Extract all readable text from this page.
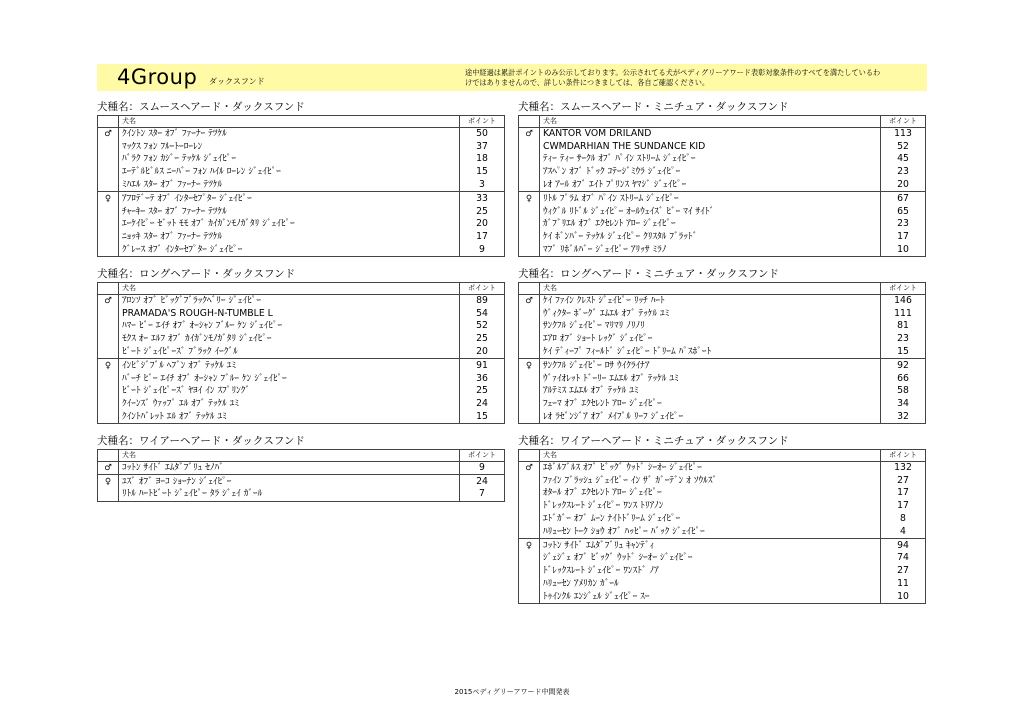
4Group ダックスフンド
途中経過は累計ポイントのみ公示しております。公示されてる犬がペディグリーアワード表彰対象条件のすべてを満たしているわ
けではありませんので、詳しい条件につきましては、各自ご確認ください。
犬種名：スムースヘアード・ダックスフンド
	犬名	ポイント
♂	ｸｲﾝﾄﾝ ｽﾀｰ ｵﾌﾞ ﾌｧｰﾅｰ ﾃﾂｹﾙ	50
	ﾏｯｸｽ ﾌｫﾝ ﾌﾙｰﾄｰﾛｰﾚﾝ	37
	ﾊﾞﾗｸ ﾌｫﾝ ｶｼﾞｰ ﾃｯｹﾙ ｼﾞｪｲﾋﾟｰ	18
	ｴｰﾃﾞﾙﾋﾞﾙｽ ﾆｰﾊﾞｰ ﾌｫﾝ ﾊｲﾙ ﾛｰﾚﾝ ｼﾞｪｲﾋﾟｰ	15
	ﾐﾊｴﾙ ｽﾀｰ ｵﾌﾞ ﾌｧｰﾅｰ ﾃﾂｹﾙ	3
♀	ｱﾌﾛﾃﾞｰﾃ ｵﾌﾞ ｲﾝﾀｰｾﾌﾟﾀｰ ｼﾞｪｲﾋﾟｰ	33
	ﾁｬｰｷｰ ｽﾀｰ ｵﾌﾞ ﾌｧｰﾅｰ ﾃﾂｹﾙ	25
	ｴｰｹｲﾋﾟｰ ｾﾞｯﾄ ﾓﾓ ｵﾌﾞ ｶｲｶﾞﾝﾓﾉｶﾞﾀﾘ ｼﾞｪｲﾋﾟｰ	20
	ﾆｮｯｷ ｽﾀｰ ｵﾌﾞ ﾌｧｰﾅｰ ﾃﾂｹﾙ	17
	ｸﾞﾚｰｽ ｵﾌﾞ ｲﾝﾀｰｾﾌﾟﾀｰ ｼﾞｪｲﾋﾟｰ	9
犬種名：スムースヘアード・ミニチュア・ダックスフンド
	犬名	ポイント
♂	KANTOR VOM DRILAND	113
	CWMDARHIAN THE SUNDANCE KID	52
	ﾃｨｰ ﾃｨｰ ｻｰｸﾙ ｵﾌﾞ ﾊﾟｲﾝ ｽﾄﾘｰﾑ ｼﾞｪｲﾋﾟｰ	45
	ｱｽﾍﾟﾝ ｵﾌﾞ ﾄﾞｯｸ ｺﾃｰｼﾞﾐｳﾗ ｼﾞｪｲﾋﾟｰ	23
	ﾚｵ ｱｰﾙ ｵﾌﾞ ｴｲﾄ ﾌﾟﾘﾝｽ ﾔﾏｼﾞ ｼﾞｪｲﾋﾟｰ	20
♀	ﾘﾄﾙ ﾌﾟﾗﾑ ｵﾌﾞ ﾊﾟｲﾝ ｽﾄﾘｰﾑ ｼﾞｪｲﾋﾟｰ	67
	ｳｨｸﾞﾙ ﾘﾄﾞﾙ ｼﾞｪｲﾋﾟｰ ｵｰﾙｳｪｲｽﾞ ﾋﾞｰ ﾏｲ ｻｲﾄﾞ	65
	ｶﾞﾌﾞﾘｴﾙ ｵﾌﾞ ｴｸｾﾚﾝﾄ ｱﾛｰ ｼﾞｪｲﾋﾟｰ	23
	ｹｲ ﾎﾞﾝﾊﾞｰ ﾃｯｹﾙ ｼﾞｪｲﾋﾟｰ ｸﾘｽﾀﾙ ﾌﾞﾗｯﾄﾞ	17
	ﾏﾌﾞ ﾘﾎﾞﾙﾊﾞｰ ｼﾞｪｲﾋﾟｰ ｱﾘｯｻ ﾐﾗﾉ	10
犬種名：ロングヘアード・ダックスフンド
	犬名	ポイント
♂	ｱﾛﾝｿ ｵﾌﾞ ﾋﾞｯｸﾞﾌﾞﾗｯｸﾍﾞﾘｰ ｼﾞｪｲﾋﾟｰ	89
	PRAMADA'S ROUGH-N-TUMBLE L	54
	ﾊﾏｰ ﾋﾞｰ ｴｲﾁ ｵﾌﾞ ｵｰｼｬﾝ ﾌﾞﾙｰ ｹﾝ ｼﾞｪｲﾋﾟｰ	52
	ﾓｸｽ ｵｰ ｴﾙﾌ ｵﾌﾞ ｶｲｶﾞﾝﾓﾉｶﾞﾀﾘ ｼﾞｪｲﾋﾟｰ	25
	ﾋﾞｰﾄ ｼﾞｪｲﾋﾟｰｽﾞ ﾌﾞﾗｯｸ ｲｰｸﾞﾙ	20
♀	ｲﾝﾋﾞｼﾞﾌﾞﾙ ﾍﾌﾞﾝ ｵﾌﾞ ﾃｯｹﾙ ﾕﾐ	91
	ﾊﾞｰﾁ ﾋﾞｰ ｴｲﾁ ｵﾌﾞ ｵｰｼｬﾝ ﾌﾞﾙｰ ｹﾝ ｼﾞｪｲﾋﾟｰ	36
	ﾋﾞｰﾄ ｼﾞｪｲﾋﾟｰｽﾞ ﾔﾖｲ ｲﾝ ｽﾌﾟﾘﾝｸﾞ	25
	ｸｲｰﾝｽﾞ ｳｧｯﾌﾟ ｴﾙ ｵﾌﾞ ﾃｯｹﾙ ﾕﾐ	24
	ｸｲﾝﾄﾊﾞﾚｯﾄ ｴﾙ ｵﾌﾞ ﾃｯｹﾙ ﾕﾐ	15
犬種名：ロングヘアード・ミニチュア・ダックスフンド
	犬名	ポイント
♂	ｹｲ ﾌｧｲﾝ ｸﾚｽﾄ ｼﾞｪｲﾋﾟｰ ﾘｯﾁ ﾊｰﾄ	146
	ｳﾞｨｸﾀｰ ﾎﾞｰｸﾞ ｴﾑｴﾙ ｵﾌﾞ ﾃｯｹﾙ ﾕﾐ	111
	ｻﾝｸﾌﾙ ｼﾞｪｲﾋﾟｰ ﾏﾘﾏﾘ ﾉﾘﾉﾘ	81
	ｴｱﾛ ｵﾌﾞ ｼｮｰﾄ ﾚｯｸﾞ ｼﾞｪｲﾋﾟｰ	23
	ｹｲ ﾃﾞｨｰﾌﾟ ﾌｨｰﾙﾄﾞ ｼﾞｪｲﾋﾟｰ ﾄﾞﾘｰﾑ ﾊﾟｽﾎﾟｰﾄ	15
♀	ｻﾝｸﾌﾙ ｼﾞｪｲﾋﾟｰ ﾛｻ ｳｲｸﾗｲﾅｱ	92
	ｳﾞｧｲｵﾚｯﾄ ﾄﾞｰﾘｰ ｴﾑｴﾙ ｵﾌﾞ ﾃｯｹﾙ ﾕﾐ	66
	ｱﾙﾃﾐｽ ｴﾑｴﾙ ｵﾌﾞ ﾃｯｹﾙ ﾕﾐ	58
	ﾌｪｰﾏ ｵﾌﾞ ｴｸｾﾚﾝﾄ ｱﾛｰ ｼﾞｪｲﾋﾟｰ	34
	ﾚｵ ﾗｾﾞﾝｼﾞｱ ｵﾌﾞ ﾒｲﾌﾟﾙ ﾘｰﾌ ｼﾞｪｲﾋﾟｰ	32
犬種名：ワイアーヘアード・ダックスフンド
	犬名	ポイント
♂	ｺｯﾄﾝ ｻｲﾄﾞ ｴﾑﾀﾞﾌﾞﾘｭ ｾﾉﾊﾞ	9
♀	ﾕｽﾞ ｵﾌﾞ ﾖｰｺ ｼｮｰﾅﾝ ｼﾞｪｲﾋﾟｰ	24
	ﾘﾄﾙ ﾊｰﾄﾋﾞｰﾄ ｼﾞｪｲﾋﾟｰ ﾀﾗ ｼﾞｪｲ ｶﾞｰﾙ	7
犬種名：ワイアーヘアード・ミニチュア・ダックスフンド
	犬名	ポイント
♂	ｴﾎﾞﾙﾌﾞﾙｽ ｵﾌﾞ ﾋﾞｯｸﾞ ｳｯﾄﾞ ｼｰｵｰ ｼﾞｪｲﾋﾟｰ	132
	ﾌｧｲﾝ ﾌﾞﾗｯｼｭ ｼﾞｪｲﾋﾟｰ ｲﾝ ｻﾞ ｶﾞｰﾃﾞﾝ ｵ ｿｳﾙｽﾞ	27
	ｵﾀｰﾙ ｵﾌﾞ ｴｸｾﾚﾝﾄ ｱﾛｰ ｼﾞｪｲﾋﾟｰ	17
	ﾄﾞﾚｯｸｽﾚｰﾄ ｼﾞｪｲﾋﾟｰ ﾜﾝｽ ﾄﾘｱﾉﾝ	17
	ｴﾄﾞｶﾞｰ ｵﾌﾞ ﾑｰﾝ ﾅｲﾄﾄﾞﾘｰﾑ ｼﾞｪｲﾋﾟｰ	8
	ﾊﾘｭｰｾﾝ ﾄｰｸ ｼｮｳ ｵﾌﾞ ﾊｯﾋﾟｰ ﾊﾞｯｸ ｼﾞｪｲﾋﾟｰ	4
♀	ｺｯﾄﾝ ｻｲﾄﾞ ｴﾑﾀﾞﾌﾞﾘｭ ｷｬﾝﾃﾞｨ	94
	ｼﾞｪｼﾞｪ ｵﾌﾞ ﾋﾞｯｸﾞ ｳｯﾄﾞ ｼｰｵｰ ｼﾞｪｲﾋﾟｰ	74
	ﾄﾞﾚｯｸｽﾚｰﾄ ｼﾞｪｲﾋﾟｰ ﾜﾝｽﾄﾞ ﾉｱ	27
	ﾊﾘｭｰｾﾝ ｱﾒﾘｶﾝ ｶﾞｰﾙ	11
	ﾄｩｲﾝｸﾙ ｴﾝｼﾞｪﾙ ｼﾞｪｲﾋﾟｰ ｽｰ	10
2015ペディグリーアワード中間発表
